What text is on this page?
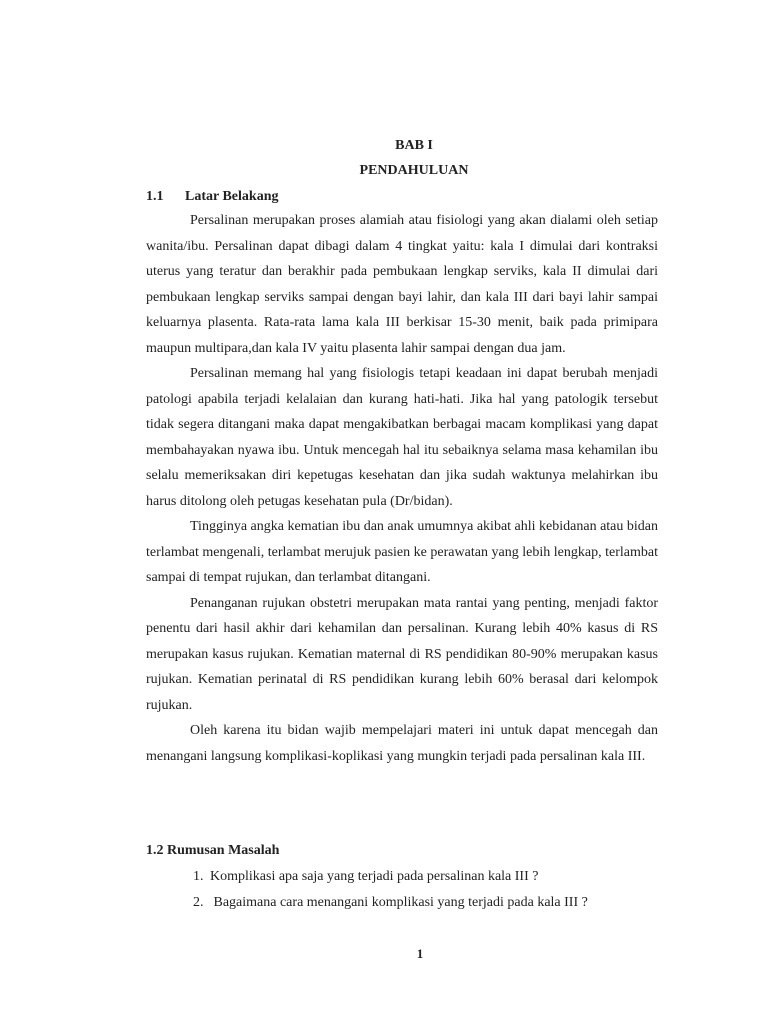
BAB I
PENDAHULUAN
1.1 Latar Belakang

Persalinan merupakan proses alamiah atau fisiologi yang akan dialami oleh setiap wanita/ibu. Persalinan dapat dibagi dalam 4 tingkat yaitu: kala I dimulai dari kontraksi uterus yang teratur dan berakhir pada pembukaan lengkap serviks, kala II dimulai dari pembukaan lengkap serviks sampai dengan bayi lahir, dan kala III dari bayi lahir sampai keluarnya plasenta. Rata-rata lama kala III berkisar 15-30 menit, baik pada primipara maupun multipara,dan kala IV yaitu plasenta lahir sampai dengan dua jam.

Persalinan memang hal yang fisiologis tetapi keadaan ini dapat berubah menjadi patologi apabila terjadi kelalaian dan kurang hati-hati. Jika hal yang patologik tersebut tidak segera ditangani maka dapat mengakibatkan berbagai macam komplikasi yang dapat membahayakan nyawa ibu. Untuk mencegah hal itu sebaiknya selama masa kehamilan ibu selalu memeriksakan diri kepetugas kesehatan dan jika sudah waktunya melahirkan ibu harus ditolong oleh petugas kesehatan pula (Dr/bidan).

Tingginya angka kematian ibu dan anak umumnya akibat ahli kebidanan atau bidan terlambat mengenali, terlambat merujuk pasien ke perawatan yang lebih lengkap, terlambat sampai di tempat rujukan, dan terlambat ditangani.

Penanganan rujukan obstetri merupakan mata rantai yang penting, menjadi faktor penentu dari hasil akhir dari kehamilan dan persalinan. Kurang lebih 40% kasus di RS merupakan kasus rujukan. Kematian maternal di RS pendidikan 80-90% merupakan kasus rujukan. Kematian perinatal di RS pendidikan kurang lebih 60% berasal dari kelompok rujukan.

Oleh karena itu bidan wajib mempelajari materi ini untuk dapat mencegah dan menangani langsung komplikasi-koplikasi yang mungkin terjadi pada persalinan kala III.

1.2 Rumusan Masalah
1. Komplikasi apa saja yang terjadi pada persalinan kala III ?
2. Bagaimana cara menangani komplikasi yang terjadi pada kala III ?
1
